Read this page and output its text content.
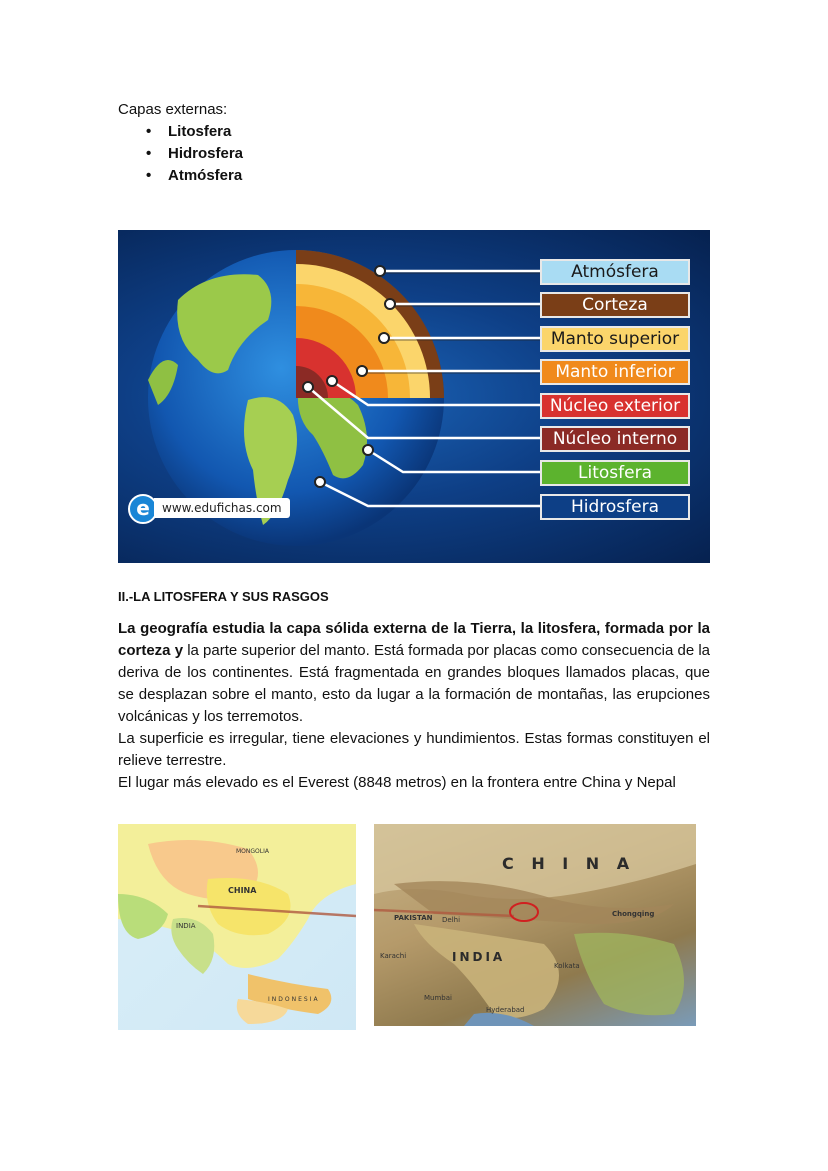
Capas externas:
• Litosfera
• Hidrosfera
• Atmósfera
Atmósfera
Corteza
Manto superior
Manto inferior
Núcleo exterior
Núcleo interno
Litosfera
Hidrosfera
e	www.edufichas.com
II.-LA LITOSFERA Y SUS RASGOS

La geografía estudia la capa sólida externa de la Tierra, la litosfera, formada por la corteza y la parte superior del manto. Está formada por placas como consecuencia de la deriva de los continentes. Está fragmentada en grandes bloques llamados placas, que se desplazan sobre el manto, esto da lugar a la formación de montañas, las erupciones volcánicas y los terremotos.

La superficie es irregular, tiene elevaciones y hundimientos. Estas formas constituyen el relieve terrestre.

El lugar más elevado es el Everest (8848 metros) en la frontera entre China y Nepal

CHINA
INDIA
MONGOLIA
INDONESIA
C H I N A
INDIA
PAKISTAN Delhi
Chongqing
Mumbai
Kolkata
Karachi
Hyderabad
